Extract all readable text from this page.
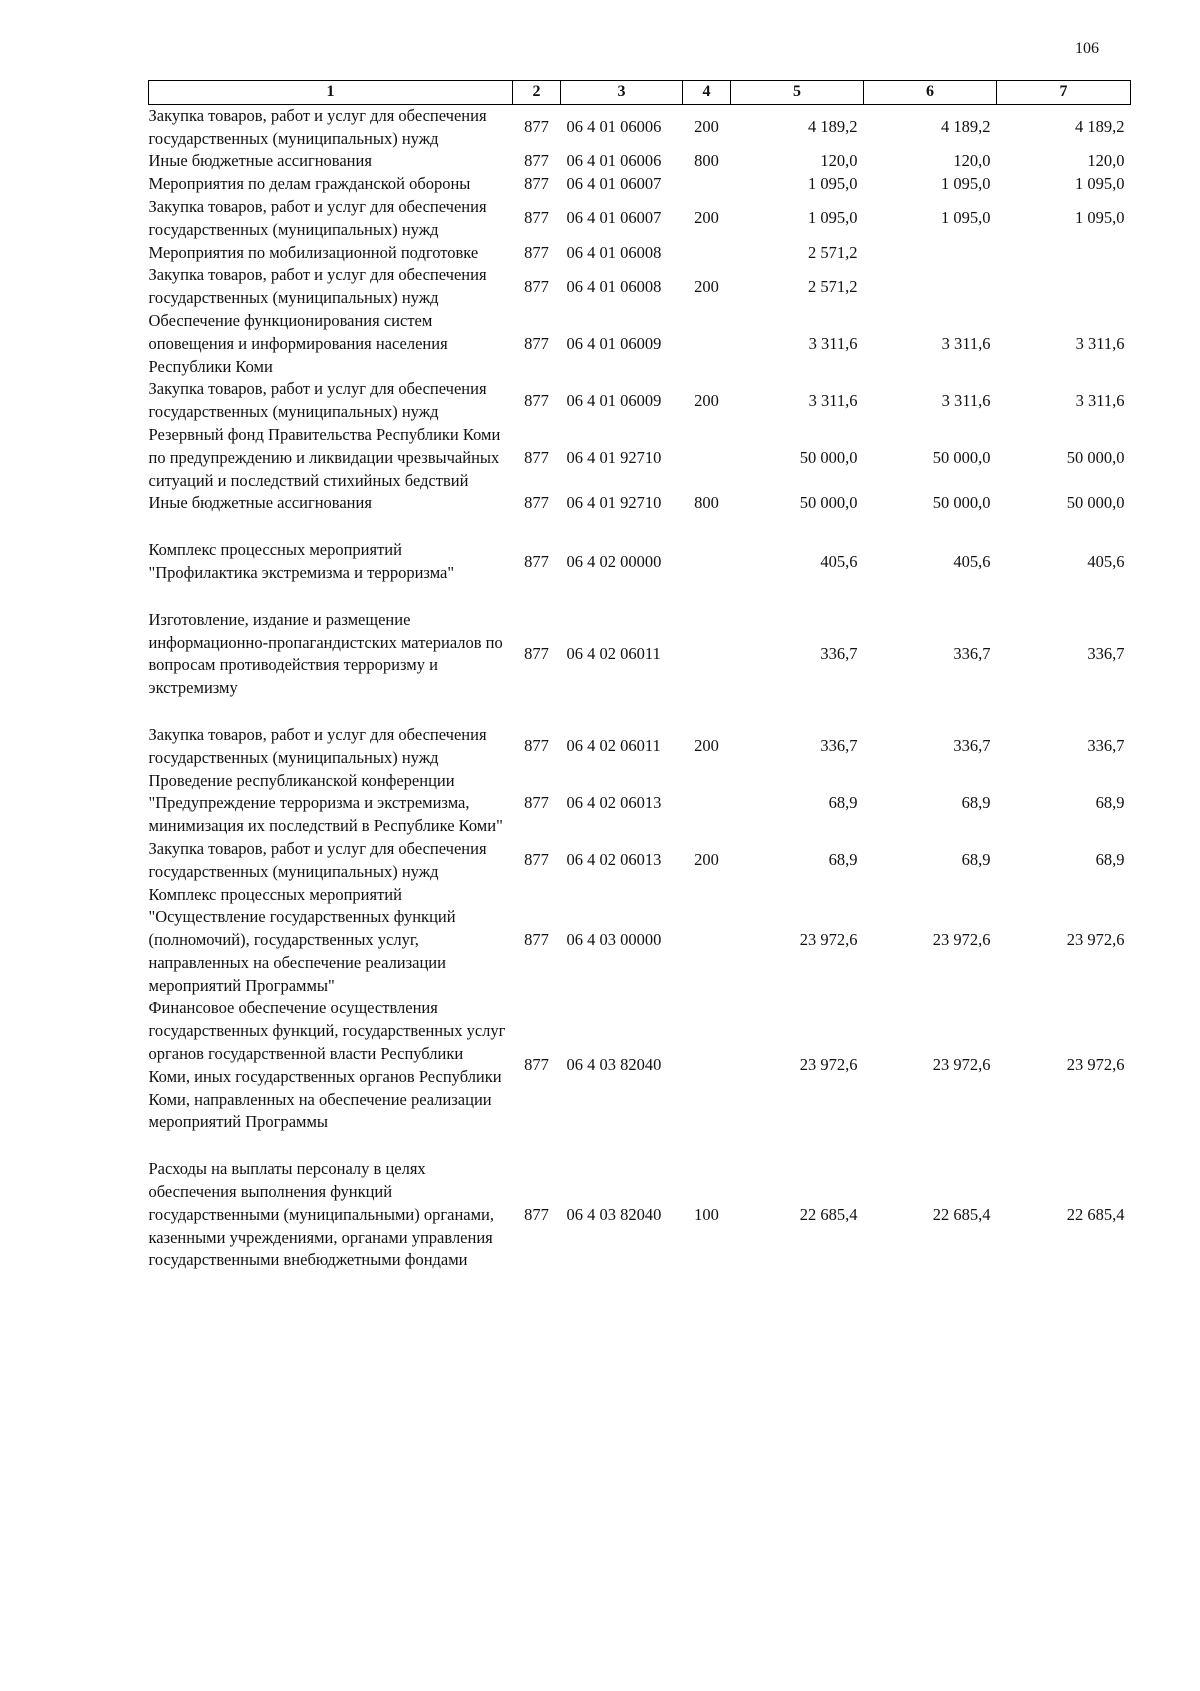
106
1	2	3	4	5	6	7
Закупка товаров, работ и услуг для обеспечения государственных (муниципальных) нужд	877	06 4 01 06006	200	4 189,2	4 189,2	4 189,2
Иные бюджетные ассигнования	877	06 4 01 06006	800	120,0	120,0	120,0
Мероприятия по делам гражданской обороны	877	06 4 01 06007		1 095,0	1 095,0	1 095,0
Закупка товаров, работ и услуг для обеспечения государственных (муниципальных) нужд	877	06 4 01 06007	200	1 095,0	1 095,0	1 095,0
Мероприятия по мобилизационной подготовке	877	06 4 01 06008		2 571,2		
Закупка товаров, работ и услуг для обеспечения государственных (муниципальных) нужд	877	06 4 01 06008	200	2 571,2		
Обеспечение функционирования систем оповещения и информирования населения Республики Коми	877	06 4 01 06009		3 311,6	3 311,6	3 311,6
Закупка товаров, работ и услуг для обеспечения государственных (муниципальных) нужд	877	06 4 01 06009	200	3 311,6	3 311,6	3 311,6
Резервный фонд Правительства Республики Коми по предупреждению и ликвидации чрезвычайных ситуаций и последствий стихийных бедствий	877	06 4 01 92710		50 000,0	50 000,0	50 000,0
Иные бюджетные ассигнования	877	06 4 01 92710	800	50 000,0	50 000,0	50 000,0
Комплекс процессных мероприятий "Профилактика экстремизма и терроризма"	877	06 4 02 00000		405,6	405,6	405,6
Изготовление, издание и размещение информационно-пропагандистских материалов по вопросам противодействия терроризму и экстремизму	877	06 4 02 06011		336,7	336,7	336,7
Закупка товаров, работ и услуг для обеспечения государственных (муниципальных) нужд	877	06 4 02 06011	200	336,7	336,7	336,7
Проведение республиканской конференции "Предупреждение терроризма и экстремизма, минимизация их последствий в Республике Коми"	877	06 4 02 06013		68,9	68,9	68,9
Закупка товаров, работ и услуг для обеспечения государственных (муниципальных) нужд	877	06 4 02 06013	200	68,9	68,9	68,9
Комплекс процессных мероприятий "Осуществление государственных функций (полномочий), государственных услуг, направленных на обеспечение реализации мероприятий Программы"	877	06 4 03 00000		23 972,6	23 972,6	23 972,6
Финансовое обеспечение осуществления государственных функций, государственных услуг органов государственной власти Республики Коми, иных государственных органов Республики Коми, направленных на обеспечение реализации мероприятий Программы	877	06 4 03 82040		23 972,6	23 972,6	23 972,6
Расходы на выплаты персоналу в целях обеспечения выполнения функций государственными (муниципальными) органами, казенными учреждениями, органами управления государственными внебюджетными фондами	877	06 4 03 82040	100	22 685,4	22 685,4	22 685,4
